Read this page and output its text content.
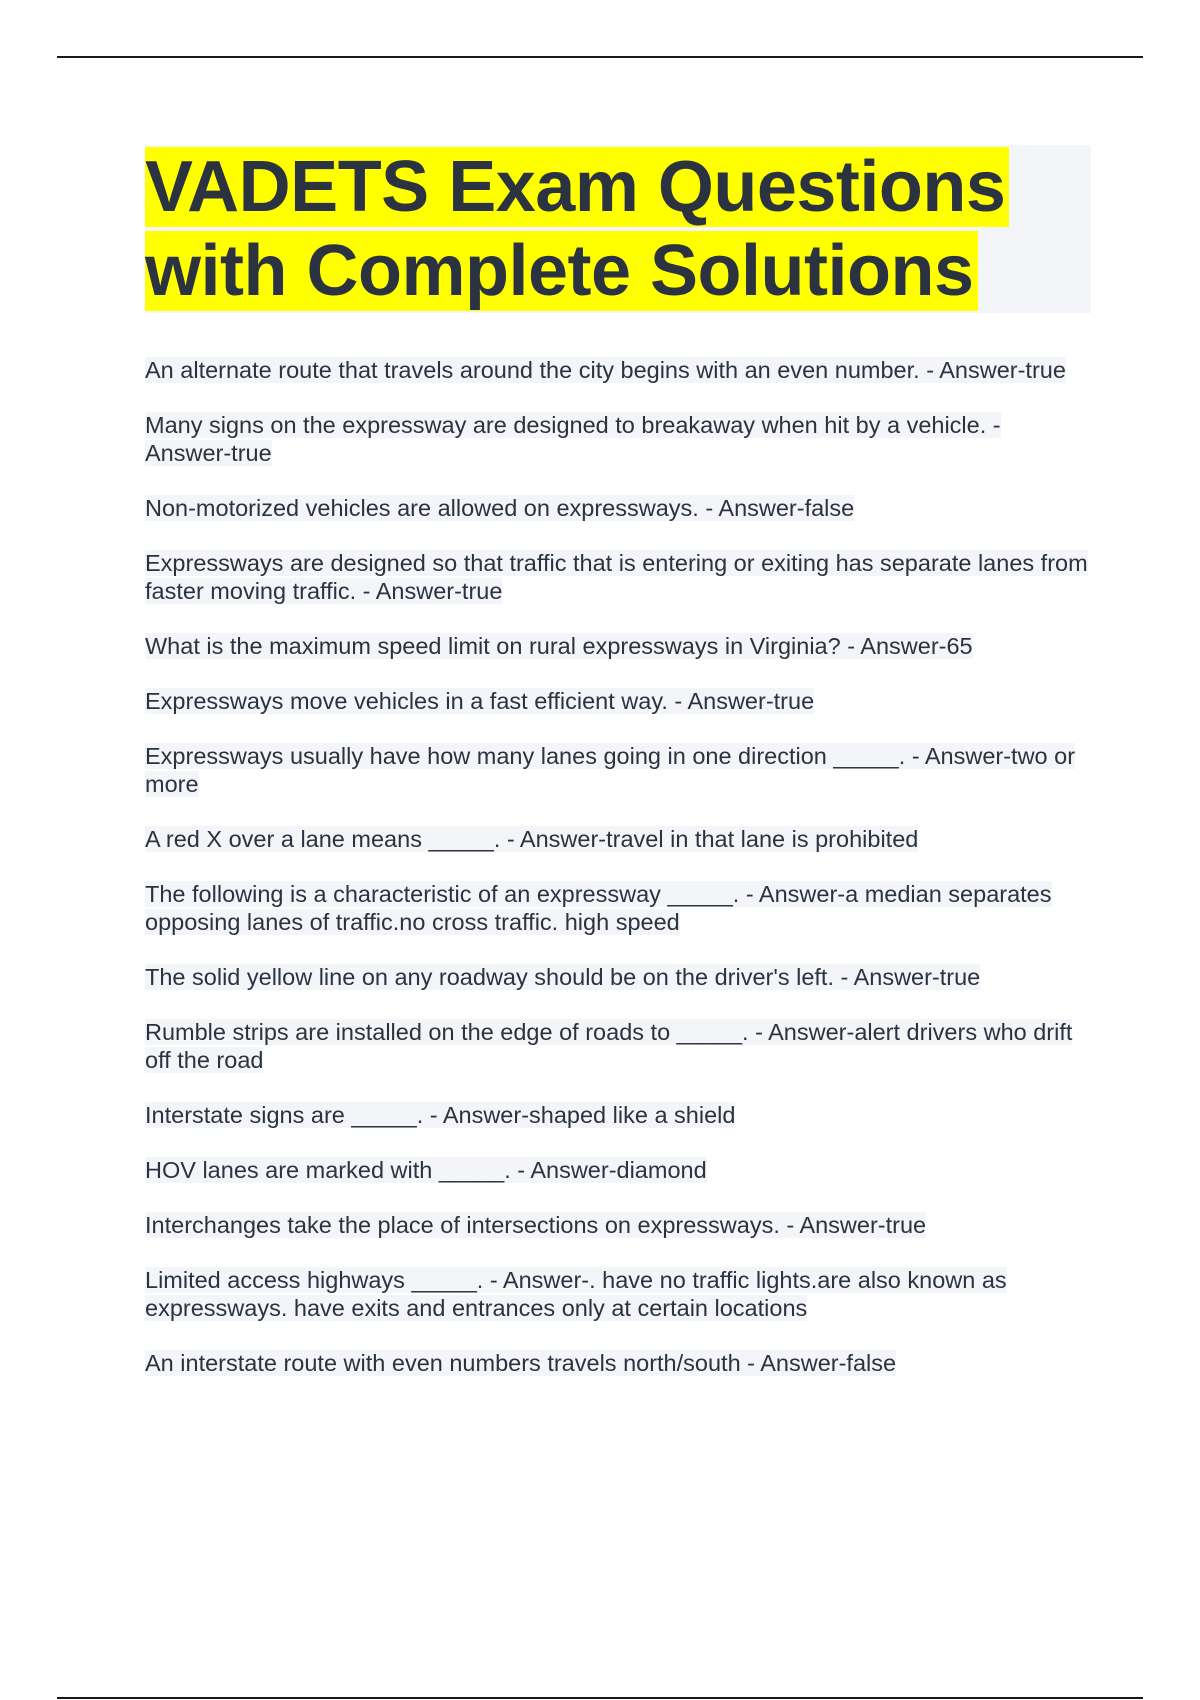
VADETS Exam Questions
with Complete Solutions
An alternate route that travels around the city begins with an even number. - Answer-true
Many signs on the expressway are designed to breakaway when hit by a vehicle. - Answer-true
Non-motorized vehicles are allowed on expressways. - Answer-false
Expressways are designed so that traffic that is entering or exiting has separate lanes from faster moving traffic. - Answer-true
What is the maximum speed limit on rural expressways in Virginia? - Answer-65
Expressways move vehicles in a fast efficient way. - Answer-true
Expressways usually have how many lanes going in one direction _____. - Answer-two or more
A red X over a lane means _____. - Answer-travel in that lane is prohibited
The following is a characteristic of an expressway _____. - Answer-a median separates opposing lanes of traffic.no cross traffic. high speed
The solid yellow line on any roadway should be on the driver's left. - Answer-true
Rumble strips are installed on the edge of roads to _____. - Answer-alert drivers who drift off the road
Interstate signs are _____. - Answer-shaped like a shield
HOV lanes are marked with _____. - Answer-diamond
Interchanges take the place of intersections on expressways. - Answer-true
Limited access highways _____. - Answer-. have no traffic lights.are also known as expressways. have exits and entrances only at certain locations
An interstate route with even numbers travels north/south - Answer-false
